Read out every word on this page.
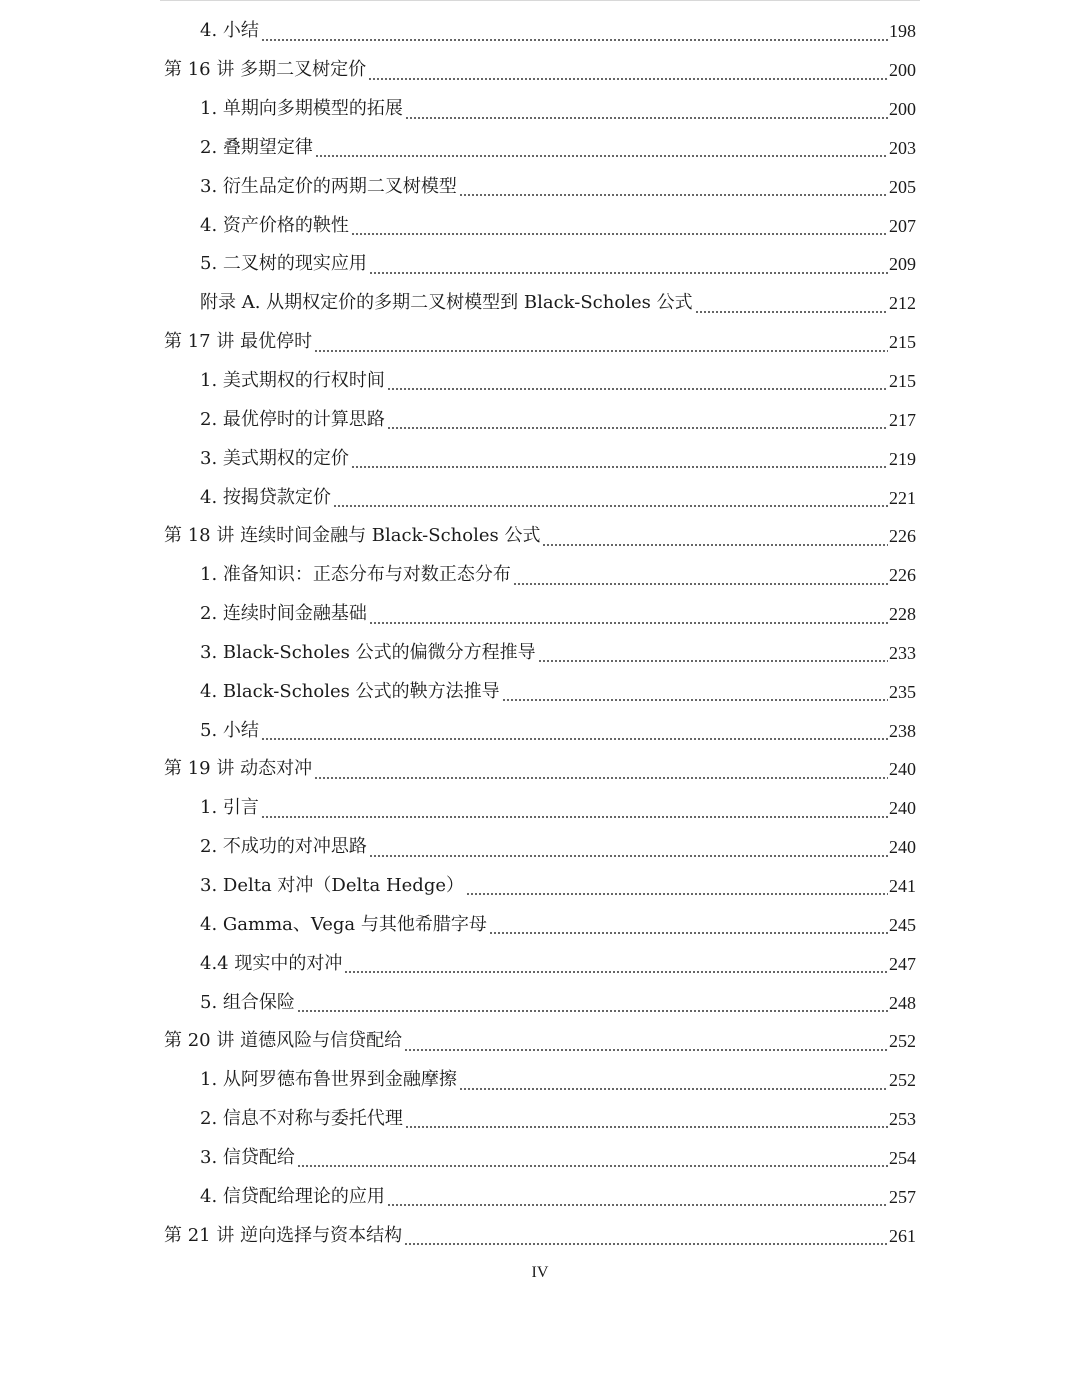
4. 小结	198
第 16 讲 多期二叉树定价	200
1. 单期向多期模型的拓展	200
2. 叠期望定律	203
3. 衍生品定价的两期二叉树模型	205
4. 资产价格的鞅性	207
5. 二叉树的现实应用	209
附录 A. 从期权定价的多期二叉树模型到 Black-Scholes 公式	212
第 17 讲 最优停时	215
1. 美式期权的行权时间	215
2. 最优停时的计算思路	217
3. 美式期权的定价	219
4. 按揭贷款定价	221
第 18 讲 连续时间金融与 Black-Scholes 公式	226
1. 准备知识：正态分布与对数正态分布	226
2. 连续时间金融基础	228
3. Black-Scholes 公式的偏微分方程推导	233
4. Black-Scholes 公式的鞅方法推导	235
5. 小结	238
第 19 讲 动态对冲	240
1. 引言	240
2. 不成功的对冲思路	240
3. Delta 对冲（Delta Hedge）	241
4. Gamma、Vega 与其他希腊字母	245
4.4 现实中的对冲	247
5. 组合保险	248
第 20 讲 道德风险与信贷配给	252
1. 从阿罗德布鲁世界到金融摩擦	252
2. 信息不对称与委托代理	253
3. 信贷配给	254
4. 信贷配给理论的应用	257
第 21 讲 逆向选择与资本结构	261
IV
